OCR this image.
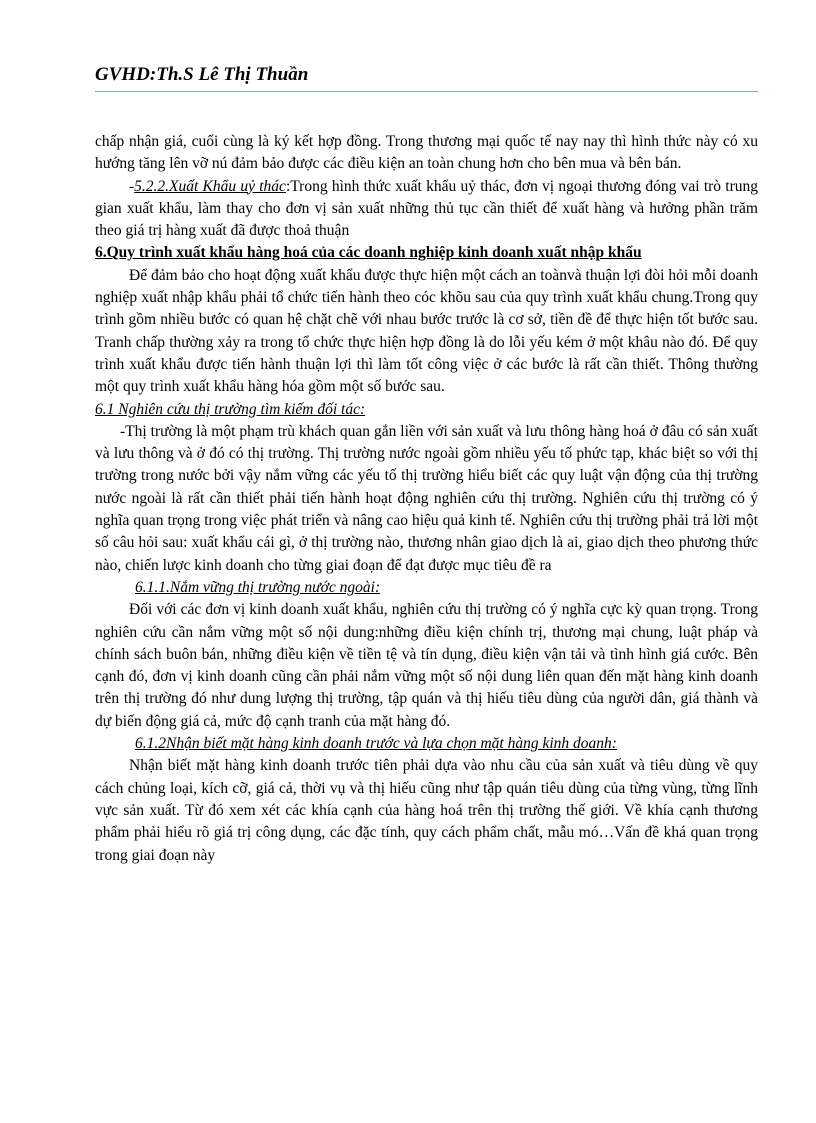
GVHD:Th.S Lê Thị Thuần

chấp nhận giá, cuối cùng là ký kết hợp đồng. Trong thương mại quốc tế nay nay thì hình thức này có xu hướng tăng lên vỡ nú đảm bảo được các điều kiện an toàn chung hơn cho bên mua và bên bán.

-5.2.2.Xuất Khẩu uỷ thác:Trong hình thức xuất khẩu uỷ thác, đơn vị ngoại thương đóng vai trò trung gian xuất khẩu, làm thay cho đơn vị sản xuất những thủ tục cần thiết để xuất hàng và hưởng phần trăm theo giá trị hàng xuất đã được thoả thuận

6.Quy trình xuất khẩu hàng hoá của các doanh nghiệp kinh doanh xuất nhập khẩu

Để đảm bảo cho hoạt động xuất khẩu được thực hiện một cách an toànvà thuận lợi đòi hỏi mỗi doanh nghiệp xuất nhập khẩu phải tổ chức tiến hành theo cóc khõu sau của quy trình xuất khẩu chung.Trong quy trình gồm nhiều bước có quan hệ chặt chẽ với nhau bước trước là cơ sở, tiền đề để thực hiện tốt bước sau. Tranh chấp thường xảy ra trong tổ chức thực hiện hợp đồng là do lỗi yếu kém ở một khâu nào đó. Để quy trình xuất khẩu được tiến hành thuận lợi thì làm tốt công việc ở các bước là rất cần thiết. Thông thường một quy trình xuất khẩu hàng hóa gồm một số bước sau.

6.1 Nghiên cứu thị trường tìm kiếm đối tác:

-Thị trường là một phạm trù khách quan gắn liền với sản xuất và lưu thông hàng hoá ở đâu có sản xuất và lưu thông và ở đó có thị trường. Thị trường nước ngoài gồm nhiều yếu tố phức tạp, khác biệt so với thị trường trong nước bởi vậy nắm vững các yếu tố thị trường hiểu biết các quy luật vận động của thị trường nước ngoài là rất cần thiết phải tiến hành hoạt động nghiên cứu thị trường. Nghiên cứu thị trường có ý nghĩa quan trọng trong việc phát triển và nâng cao hiệu quả kinh tế. Nghiên cứu thị trường phải trả lời một số câu hỏi sau: xuất khẩu cái gì, ở thị trường nào, thương nhân giao dịch là ai, giao dịch theo phương thức nào, chiến lược kinh doanh cho từng giai đoạn để đạt được mục tiêu đề ra

6.1.1.Nắm vững thị trường nước ngoài:

Đối với các đơn vị kinh doanh xuất khẩu, nghiên cứu thị trường có ý nghĩa cực kỳ quan trọng. Trong nghiên cứu cần nắm vững một số nội dung:những điều kiện chính trị, thương mại chung, luật pháp và chính sách buôn bán, những điều kiện về tiền tệ và tín dụng, điều kiện vận tải và tình hình giá cước. Bên cạnh đó, đơn vị kinh doanh cũng cần phải nắm vững một số nội dung liên quan đến mặt hàng kinh doanh trên thị trường đó như dung lượng thị trường, tập quán và thị hiếu tiêu dùng của người dân, giá thành và dự biến động giá cả, mức độ cạnh tranh của mặt hàng đó.

6.1.2Nhận biết mặt hàng kinh doanh trước và lựa chọn mặt hàng kinh doanh:

Nhận biết mặt hàng kinh doanh trước tiên phải dựa vào nhu cầu của sản xuất và tiêu dùng về quy cách chủng loại, kích cỡ, giá cả, thời vụ và thị hiếu cũng như tập quán tiêu dùng của từng vùng, từng lĩnh vực sản xuất. Từ đó xem xét các khía cạnh của hàng hoá trên thị trường thế giới. Về khía cạnh thương phẩm phải hiểu rõ giá trị công dụng, các đặc tính, quy cách phẩm chất, mẫu mó…Vấn đề khá quan trọng trong giai đoạn này
